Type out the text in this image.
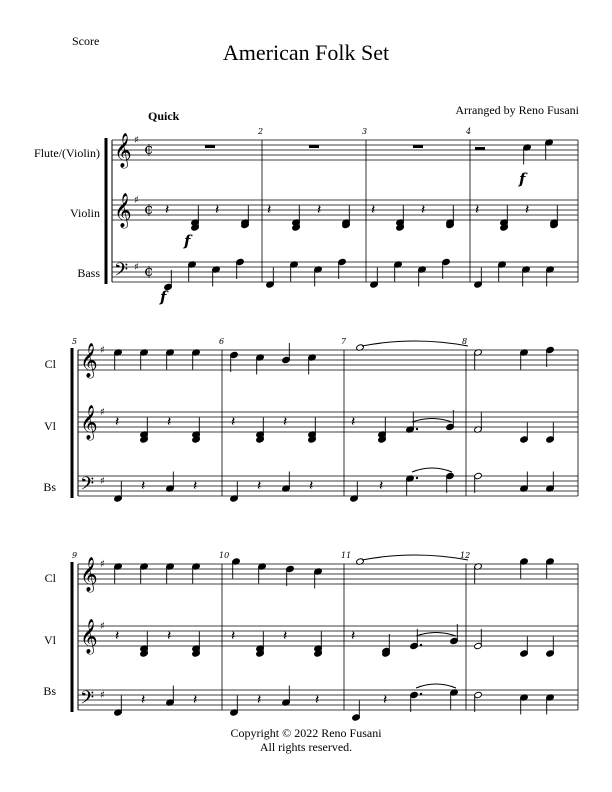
Score	American Folk Set
Arranged by Reno Fusani
Quick
Flute/(Violin)
Violin
Bass
Cl
Vl
Bs
Cl
Vl
Bs
𝄞
𝄞
𝄢
♯
♯
♯
¢
¢
¢
2	3	4
f
𝄽	𝄽	𝄽	𝄽	𝄽	𝄽	𝄽	𝄽
f
f
𝄞
𝄞
𝄢
♯
♯
♯
5	6	7	8
𝄽	𝄽	𝄽	𝄽	𝄽
𝄽	𝄽	𝄽	𝄽	𝄽
𝄞
𝄞
𝄢
♯
♯
♯
9	10	11	12
𝄽	𝄽	𝄽	𝄽	𝄽
𝄽	𝄽	𝄽	𝄽	𝄽
Copyright © 2022 Reno Fusani
All rights reserved.
